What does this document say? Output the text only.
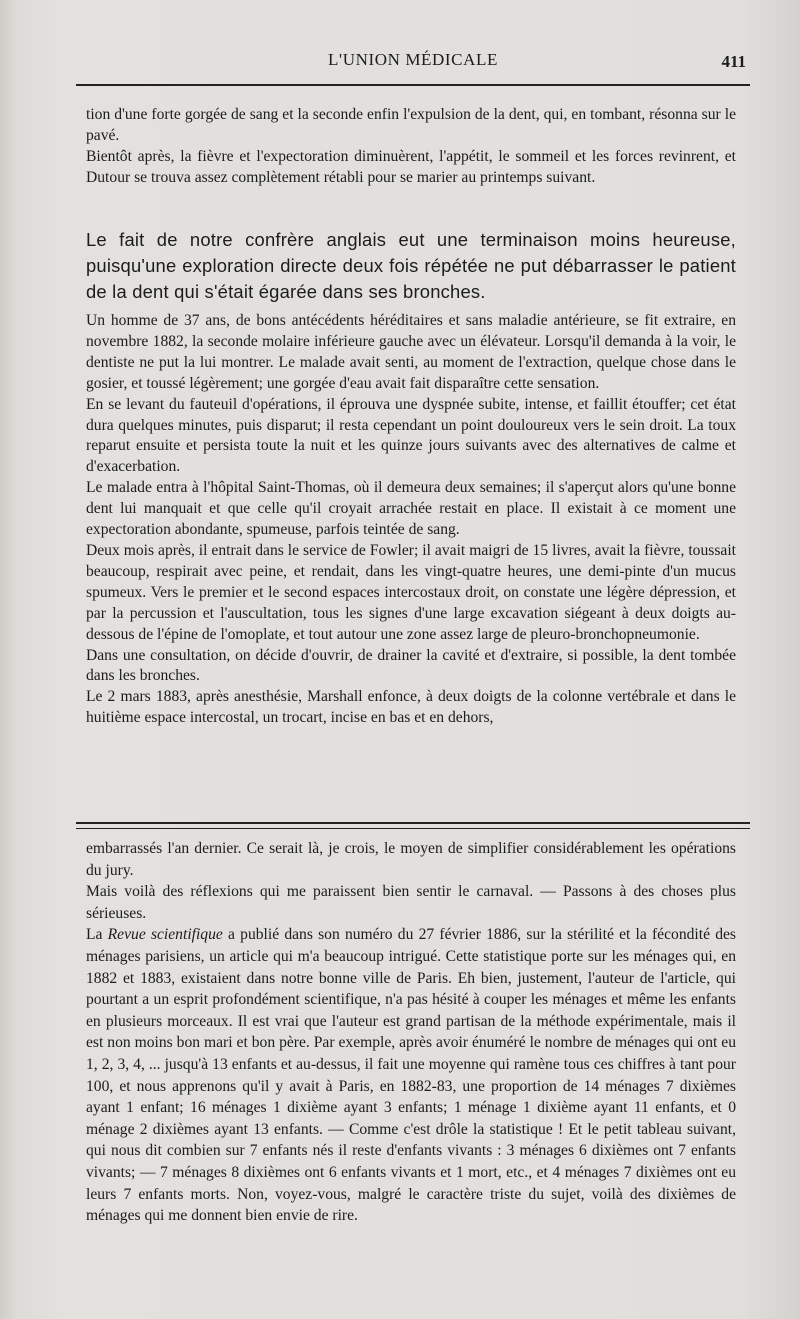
L'UNION MÉDICALE	411

tion d'une forte gorgée de sang et la seconde enfin l'expulsion de la dent, qui, en tombant, résonna sur le pavé.

Bientôt après, la fièvre et l'expectoration diminuèrent, l'appétit, le sommeil et les forces revinrent, et Dutour se trouva assez complètement rétabli pour se marier au printemps suivant.

Le fait de notre confrère anglais eut une terminaison moins heureuse, puisqu'une exploration directe deux fois répétée ne put débarrasser le patient de la dent qui s'était égarée dans ses bronches.

Un homme de 37 ans, de bons antécédents héréditaires et sans maladie antérieure, se fit extraire, en novembre 1882, la seconde molaire inférieure gauche avec un élévateur. Lorsqu'il demanda à la voir, le dentiste ne put la lui montrer. Le malade avait senti, au moment de l'extraction, quelque chose dans le gosier, et toussé légèrement; une gorgée d'eau avait fait disparaître cette sensation.

En se levant du fauteuil d'opérations, il éprouva une dyspnée subite, intense, et faillit étouffer; cet état dura quelques minutes, puis disparut; il resta cependant un point douloureux vers le sein droit. La toux reparut ensuite et persista toute la nuit et les quinze jours suivants avec des alternatives de calme et d'exacerbation.

Le malade entra à l'hôpital Saint-Thomas, où il demeura deux semaines; il s'aperçut alors qu'une bonne dent lui manquait et que celle qu'il croyait arrachée restait en place. Il existait à ce moment une expectoration abondante, spumeuse, parfois teintée de sang.

Deux mois après, il entrait dans le service de Fowler; il avait maigri de 15 livres, avait la fièvre, toussait beaucoup, respirait avec peine, et rendait, dans les vingt-quatre heures, une demi-pinte d'un mucus spumeux. Vers le premier et le second espaces intercostaux droit, on constate une légère dépression, et par la percussion et l'auscultation, tous les signes d'une large excavation siégeant à deux doigts au-dessous de l'épine de l'omoplate, et tout autour une zone assez large de pleuro-bronchopneumonie.

Dans une consultation, on décide d'ouvrir, de drainer la cavité et d'extraire, si possible, la dent tombée dans les bronches.

Le 2 mars 1883, après anesthésie, Marshall enfonce, à deux doigts de la colonne vertébrale et dans le huitième espace intercostal, un trocart, incise en bas et en dehors,

embarrassés l'an dernier. Ce serait là, je crois, le moyen de simplifier considérablement les opérations du jury.

Mais voilà des réflexions qui me paraissent bien sentir le carnaval. — Passons à des choses plus sérieuses.

La Revue scientifique a publié dans son numéro du 27 février 1886, sur la stérilité et la fécondité des ménages parisiens, un article qui m'a beaucoup intrigué. Cette statistique porte sur les ménages qui, en 1882 et 1883, existaient dans notre bonne ville de Paris. Eh bien, justement, l'auteur de l'article, qui pourtant a un esprit profondément scientifique, n'a pas hésité à couper les ménages et même les enfants en plusieurs morceaux. Il est vrai que l'auteur est grand partisan de la méthode expérimentale, mais il est non moins bon mari et bon père. Par exemple, après avoir énuméré le nombre de ménages qui ont eu 1, 2, 3, 4, ... jusqu'à 13 enfants et au-dessus, il fait une moyenne qui ramène tous ces chiffres à tant pour 100, et nous apprenons qu'il y avait à Paris, en 1882-83, une proportion de 14 ménages 7 dixièmes ayant 1 enfant; 16 ménages 1 dixième ayant 3 enfants; 1 ménage 1 dixième ayant 11 enfants, et 0 ménage 2 dixièmes ayant 13 enfants. — Comme c'est drôle la statistique ! Et le petit tableau suivant, qui nous dit combien sur 7 enfants nés il reste d'enfants vivants : 3 ménages 6 dixièmes ont 7 enfants vivants; — 7 ménages 8 dixièmes ont 6 enfants vivants et 1 mort, etc., et 4 ménages 7 dixièmes ont eu leurs 7 enfants morts. Non, voyez-vous, malgré le caractère triste du sujet, voilà des dixièmes de ménages qui me donnent bien envie de rire.
